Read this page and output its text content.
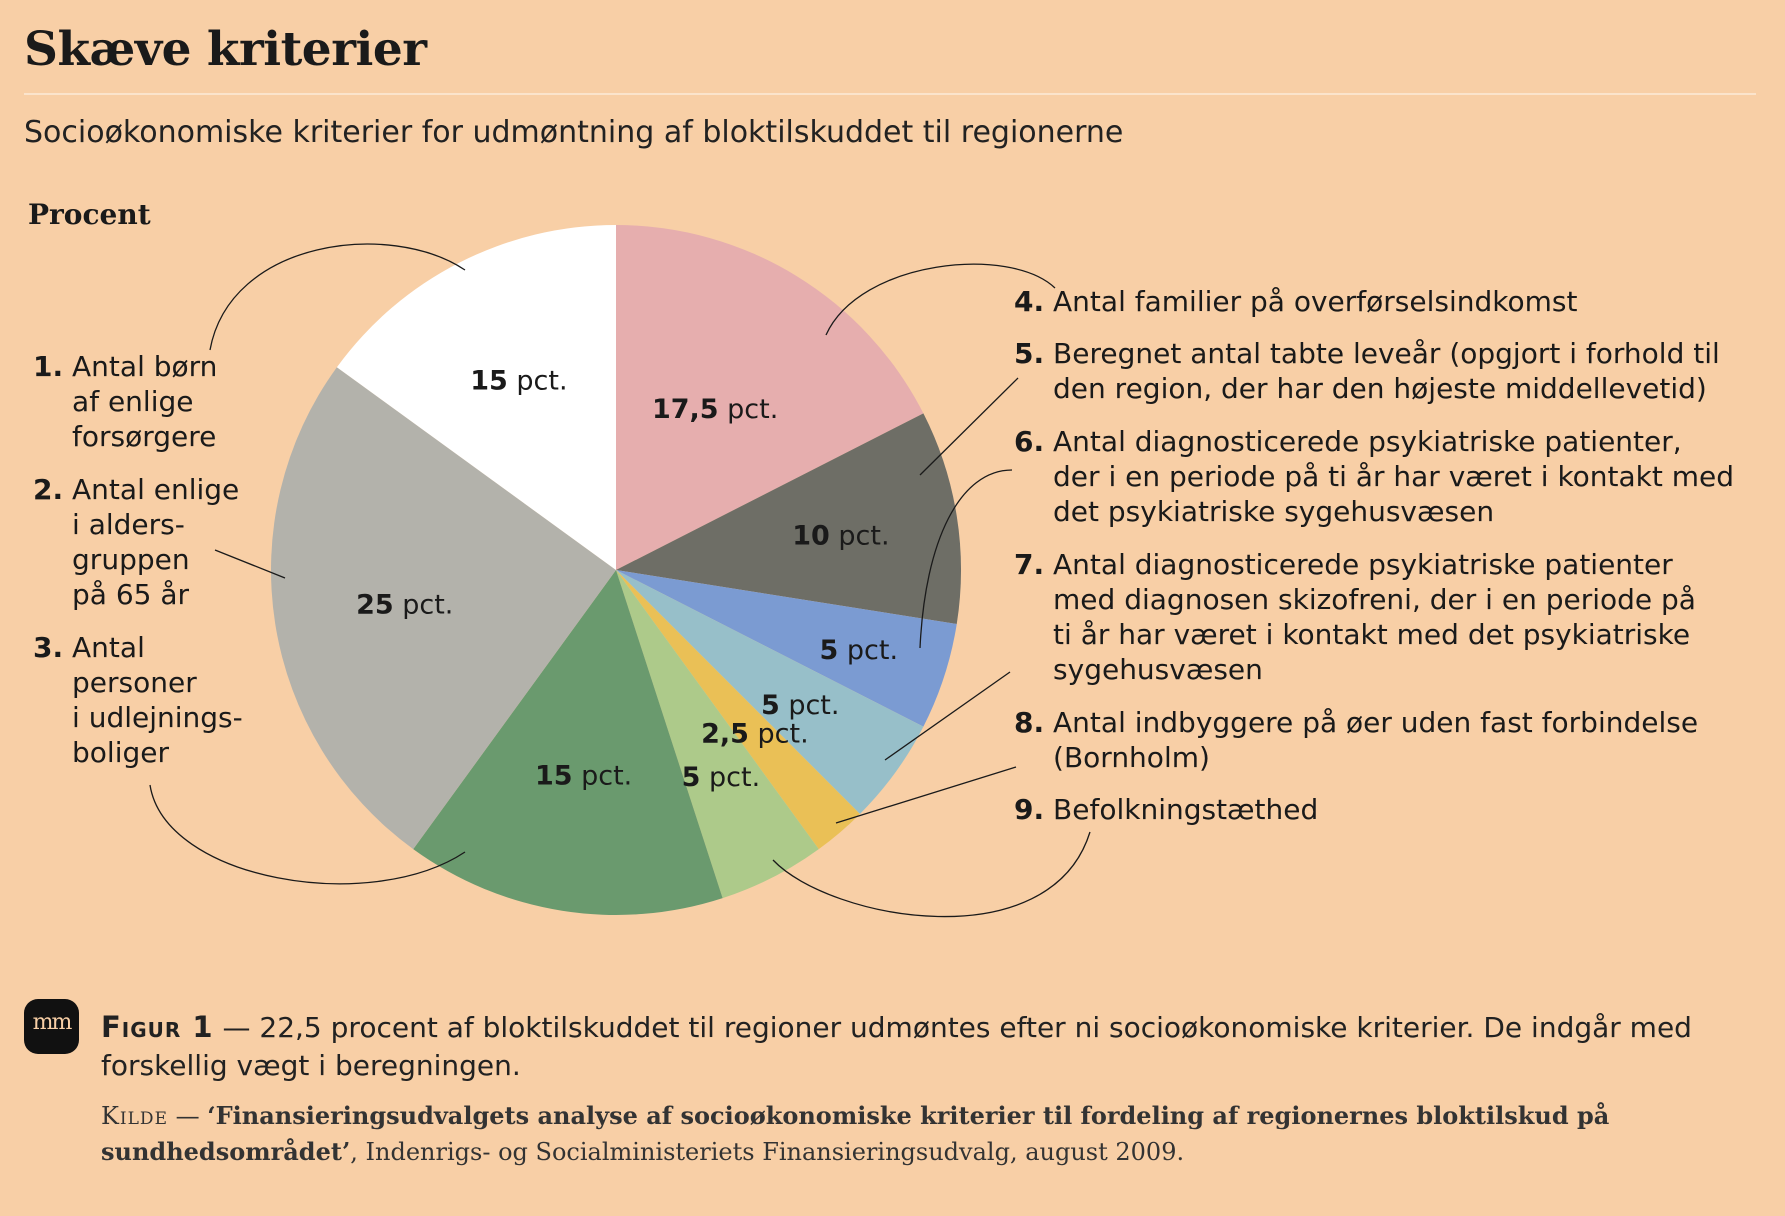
Skæve kriterier
Socioøkonomiske kriterier for udmøntning af bloktilskuddet til regionerne
Procent
17,5 pct.
10 pct.
5 pct.
5 pct.
2,5 pct.
5 pct.
15 pct.
25 pct.
15 pct.
1. Antal børn
af enlige
forsørgere
2. Antal enlige
i alders-
gruppen
på 65 år
3. Antal
personer
i udlejnings-
boliger
4. Antal familier på overførselsindkomst
5. Beregnet antal tabte leveår (opgjort i forhold til
den region, der har den højeste middellevetid)
6. Antal diagnosticerede psykiatriske patienter,
der i en periode på ti år har været i kontakt med
det psykiatriske sygehusvæsen
7. Antal diagnosticerede psykiatriske patienter
med diagnosen skizofreni, der i en periode på
ti år har været i kontakt med det psykiatriske
sygehusvæsen
8. Antal indbyggere på øer uden fast forbindelse
(Bornholm)
9. Befolkningstæthed
mm Figur 1 — 22,5 procent af bloktilskuddet til regioner udmøntes efter ni socioøkonomiske kriterier. De indgår med forskellig vægt i beregningen.
Kilde — ‘Finansieringsudvalgets analyse af socioøkonomiske kriterier til fordeling af regionernes bloktilskud på sundhedsområdet’, Indenrigs- og Socialministeriets Finansieringsudvalg, august 2009.
